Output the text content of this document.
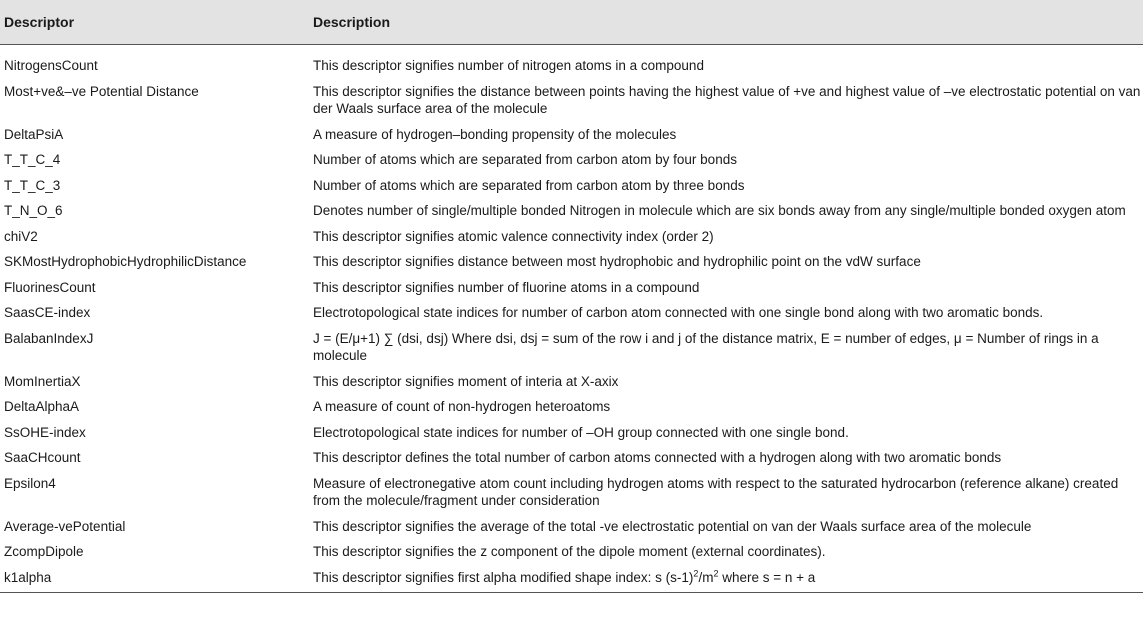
Descriptor	Description
NitrogensCount	This descriptor signifies number of nitrogen atoms in a compound
Most+ve&–ve Potential Distance	This descriptor signifies the distance between points having the highest value of +ve and highest value of –ve electrostatic potential on van der Waals surface area of the molecule
DeltaPsiA	A measure of hydrogen–bonding propensity of the molecules
T_T_C_4	Number of atoms which are separated from carbon atom by four bonds
T_T_C_3	Number of atoms which are separated from carbon atom by three bonds
T_N_O_6	Denotes number of single/multiple bonded Nitrogen in molecule which are six bonds away from any single/multiple bonded oxygen atom
chiV2	This descriptor signifies atomic valence connectivity index (order 2)
SKMostHydrophobicHydrophilicDistance	This descriptor signifies distance between most hydrophobic and hydrophilic point on the vdW surface
FluorinesCount	This descriptor signifies number of fluorine atoms in a compound
SaasCE-index	Electrotopological state indices for number of carbon atom connected with one single bond along with two aromatic bonds.
BalabanIndexJ	J = (E/μ+1) ∑ (dsi, dsj) Where dsi, dsj = sum of the row i and j of the distance matrix, E = number of edges, μ = Number of rings in a molecule
MomInertiaX	This descriptor signifies moment of interia at X-axix
DeltaAlphaA	A measure of count of non-hydrogen heteroatoms
SsOHE-index	Electrotopological state indices for number of –OH group connected with one single bond.
SaaCHcount	This descriptor defines the total number of carbon atoms connected with a hydrogen along with two aromatic bonds
Epsilon4	Measure of electronegative atom count including hydrogen atoms with respect to the saturated hydrocarbon (reference alkane) created from the molecule/fragment under consideration
Average-vePotential	This descriptor signifies the average of the total -ve electrostatic potential on van der Waals surface area of the molecule
ZcompDipole	This descriptor signifies the z component of the dipole moment (external coordinates).
k1alpha	This descriptor signifies first alpha modified shape index: s $(s-1)^2/m^2$ where s = n + a
